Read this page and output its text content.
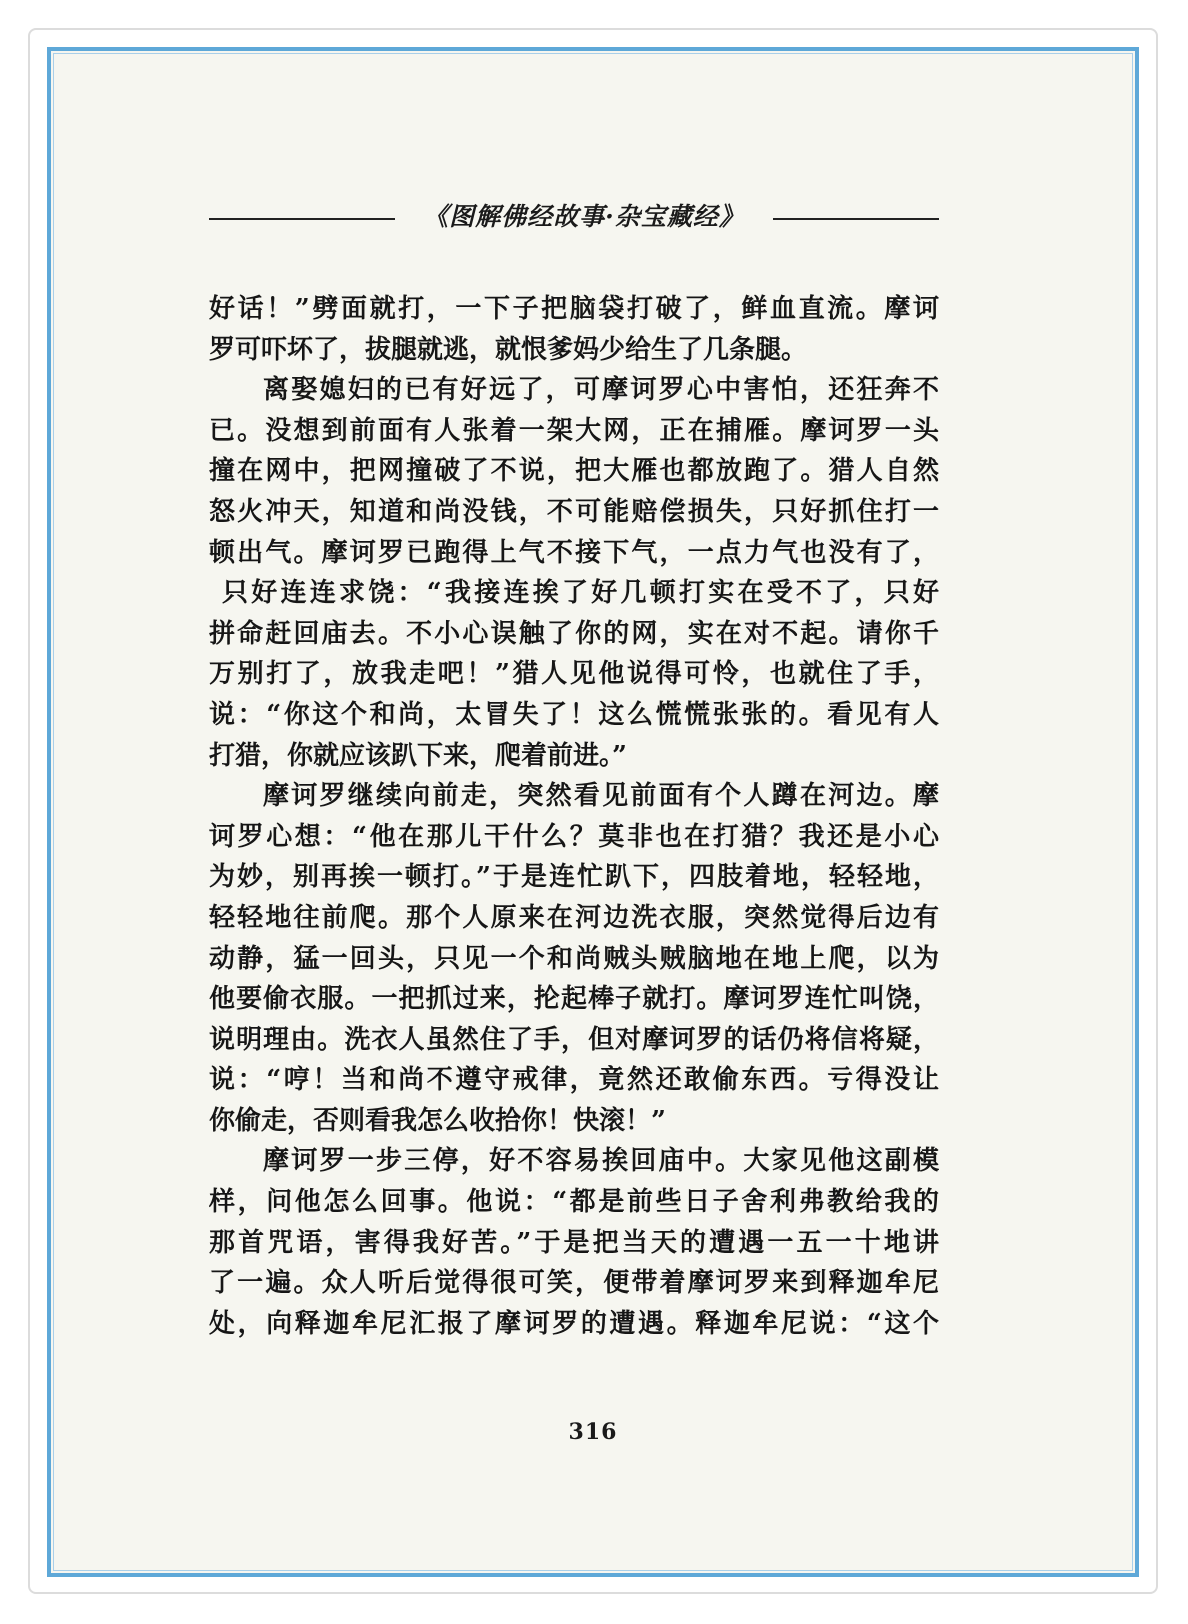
《图解佛经故事·杂宝藏经》
好话！”劈面就打，一下子把脑袋打破了，鲜血直流。摩诃
罗可吓坏了，拔腿就逃，就恨爹妈少给生了几条腿。
离娶媳妇的已有好远了，可摩诃罗心中害怕，还狂奔不
已。没想到前面有人张着一架大网，正在捕雁。摩诃罗一头
撞在网中，把网撞破了不说，把大雁也都放跑了。猎人自然
怒火冲天，知道和尚没钱，不可能赔偿损失，只好抓住打一
顿出气。摩诃罗已跑得上气不接下气，一点力气也没有了，
只好连连求饶：“我接连挨了好几顿打实在受不了，只好
拼命赶回庙去。不小心误触了你的网，实在对不起。请你千
万别打了，放我走吧！”猎人见他说得可怜，也就住了手，
说：“你这个和尚，太冒失了！这么慌慌张张的。看见有人
打猎，你就应该趴下来，爬着前进。”
摩诃罗继续向前走，突然看见前面有个人蹲在河边。摩
诃罗心想：“他在那儿干什么？莫非也在打猎？我还是小心
为妙，别再挨一顿打。”于是连忙趴下，四肢着地，轻轻地，
轻轻地往前爬。那个人原来在河边洗衣服，突然觉得后边有
动静，猛一回头，只见一个和尚贼头贼脑地在地上爬，以为
他要偷衣服。一把抓过来，抡起棒子就打。摩诃罗连忙叫饶，
说明理由。洗衣人虽然住了手，但对摩诃罗的话仍将信将疑，
说：“哼！当和尚不遵守戒律，竟然还敢偷东西。亏得没让
你偷走，否则看我怎么收拾你！快滚！”
摩诃罗一步三停，好不容易挨回庙中。大家见他这副模
样，问他怎么回事。他说：“都是前些日子舍利弗教给我的
那首咒语，害得我好苦。”于是把当天的遭遇一五一十地讲
了一遍。众人听后觉得很可笑，便带着摩诃罗来到释迦牟尼
处，向释迦牟尼汇报了摩诃罗的遭遇。释迦牟尼说：“这个
316
